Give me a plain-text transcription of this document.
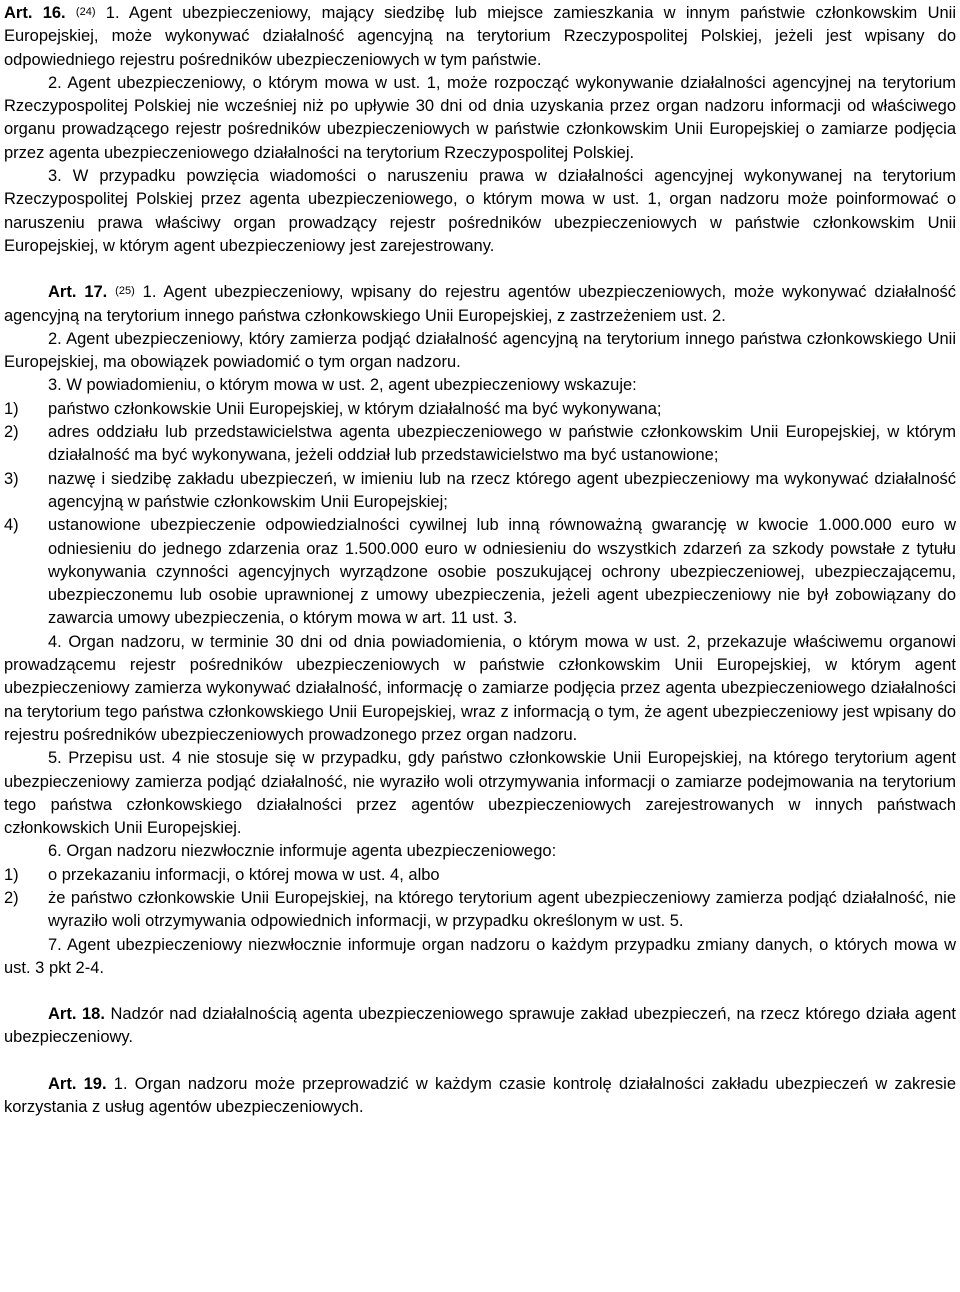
Art. 16. $^{(24)}$ 1. Agent ubezpieczeniowy, mający siedzibę lub miejsce zamieszkania w innym państwie członkowskim Unii Europejskiej, może wykonywać działalność agencyjną na terytorium Rzeczypospolitej Polskiej, jeżeli jest wpisany do odpowiedniego rejestru pośredników ubezpieczeniowych w tym państwie.

2. Agent ubezpieczeniowy, o którym mowa w ust. 1, może rozpocząć wykonywanie działalności agencyjnej na terytorium Rzeczypospolitej Polskiej nie wcześniej niż po upływie 30 dni od dnia uzyskania przez organ nadzoru informacji od właściwego organu prowadzącego rejestr pośredników ubezpieczeniowych w państwie członkowskim Unii Europejskiej o zamiarze podjęcia przez agenta ubezpieczeniowego działalności na terytorium Rzeczypospolitej Polskiej.

3. W przypadku powzięcia wiadomości o naruszeniu prawa w działalności agencyjnej wykonywanej na terytorium Rzeczypospolitej Polskiej przez agenta ubezpieczeniowego, o którym mowa w ust. 1, organ nadzoru może poinformować o naruszeniu prawa właściwy organ prowadzący rejestr pośredników ubezpieczeniowych w państwie członkowskim Unii Europejskiej, w którym agent ubezpieczeniowy jest zarejestrowany.

Art. 17. $^{(25)}$ 1. Agent ubezpieczeniowy, wpisany do rejestru agentów ubezpieczeniowych, może wykonywać działalność agencyjną na terytorium innego państwa członkowskiego Unii Europejskiej, z zastrzeżeniem ust. 2.

2. Agent ubezpieczeniowy, który zamierza podjąć działalność agencyjną na terytorium innego państwa członkowskiego Unii Europejskiej, ma obowiązek powiadomić o tym organ nadzoru.

3. W powiadomieniu, o którym mowa w ust. 2, agent ubezpieczeniowy wskazuje:

1)	państwo członkowskie Unii Europejskiej, w którym działalność ma być wykonywana;
2)	adres oddziału lub przedstawicielstwa agenta ubezpieczeniowego w państwie członkowskim Unii Europejskiej, w którym działalność ma być wykonywana, jeżeli oddział lub przedstawicielstwo ma być ustanowione;
3)	nazwę i siedzibę zakładu ubezpieczeń, w imieniu lub na rzecz którego agent ubezpieczeniowy ma wykonywać działalność agencyjną w państwie członkowskim Unii Europejskiej;
4)	ustanowione ubezpieczenie odpowiedzialności cywilnej lub inną równoważną gwarancję w kwocie 1.000.000 euro w odniesieniu do jednego zdarzenia oraz 1.500.000 euro w odniesieniu do wszystkich zdarzeń za szkody powstałe z tytułu wykonywania czynności agencyjnych wyrządzone osobie poszukującej ochrony ubezpieczeniowej, ubezpieczającemu, ubezpieczonemu lub osobie uprawnionej z umowy ubezpieczenia, jeżeli agent ubezpieczeniowy nie był zobowiązany do zawarcia umowy ubezpieczenia, o którym mowa w art. 11 ust. 3.

4. Organ nadzoru, w terminie 30 dni od dnia powiadomienia, o którym mowa w ust. 2, przekazuje właściwemu organowi prowadzącemu rejestr pośredników ubezpieczeniowych w państwie członkowskim Unii Europejskiej, w którym agent ubezpieczeniowy zamierza wykonywać działalność, informację o zamiarze podjęcia przez agenta ubezpieczeniowego działalności na terytorium tego państwa członkowskiego Unii Europejskiej, wraz z informacją o tym, że agent ubezpieczeniowy jest wpisany do rejestru pośredników ubezpieczeniowych prowadzonego przez organ nadzoru.

5. Przepisu ust. 4 nie stosuje się w przypadku, gdy państwo członkowskie Unii Europejskiej, na którego terytorium agent ubezpieczeniowy zamierza podjąć działalność, nie wyraziło woli otrzymywania informacji o zamiarze podejmowania na terytorium tego państwa członkowskiego działalności przez agentów ubezpieczeniowych zarejestrowanych w innych państwach członkowskich Unii Europejskiej.

6. Organ nadzoru niezwłocznie informuje agenta ubezpieczeniowego:

1)	o przekazaniu informacji, o której mowa w ust. 4, albo
2)	że państwo członkowskie Unii Europejskiej, na którego terytorium agent ubezpieczeniowy zamierza podjąć działalność, nie wyraziło woli otrzymywania odpowiednich informacji, w przypadku określonym w ust. 5.

7. Agent ubezpieczeniowy niezwłocznie informuje organ nadzoru o każdym przypadku zmiany danych, o których mowa w ust. 3 pkt 2-4.

Art. 18. Nadzór nad działalnością agenta ubezpieczeniowego sprawuje zakład ubezpieczeń, na rzecz którego działa agent ubezpieczeniowy.

Art. 19. 1. Organ nadzoru może przeprowadzić w każdym czasie kontrolę działalności zakładu ubezpieczeń w zakresie korzystania z usług agentów ubezpieczeniowych.
